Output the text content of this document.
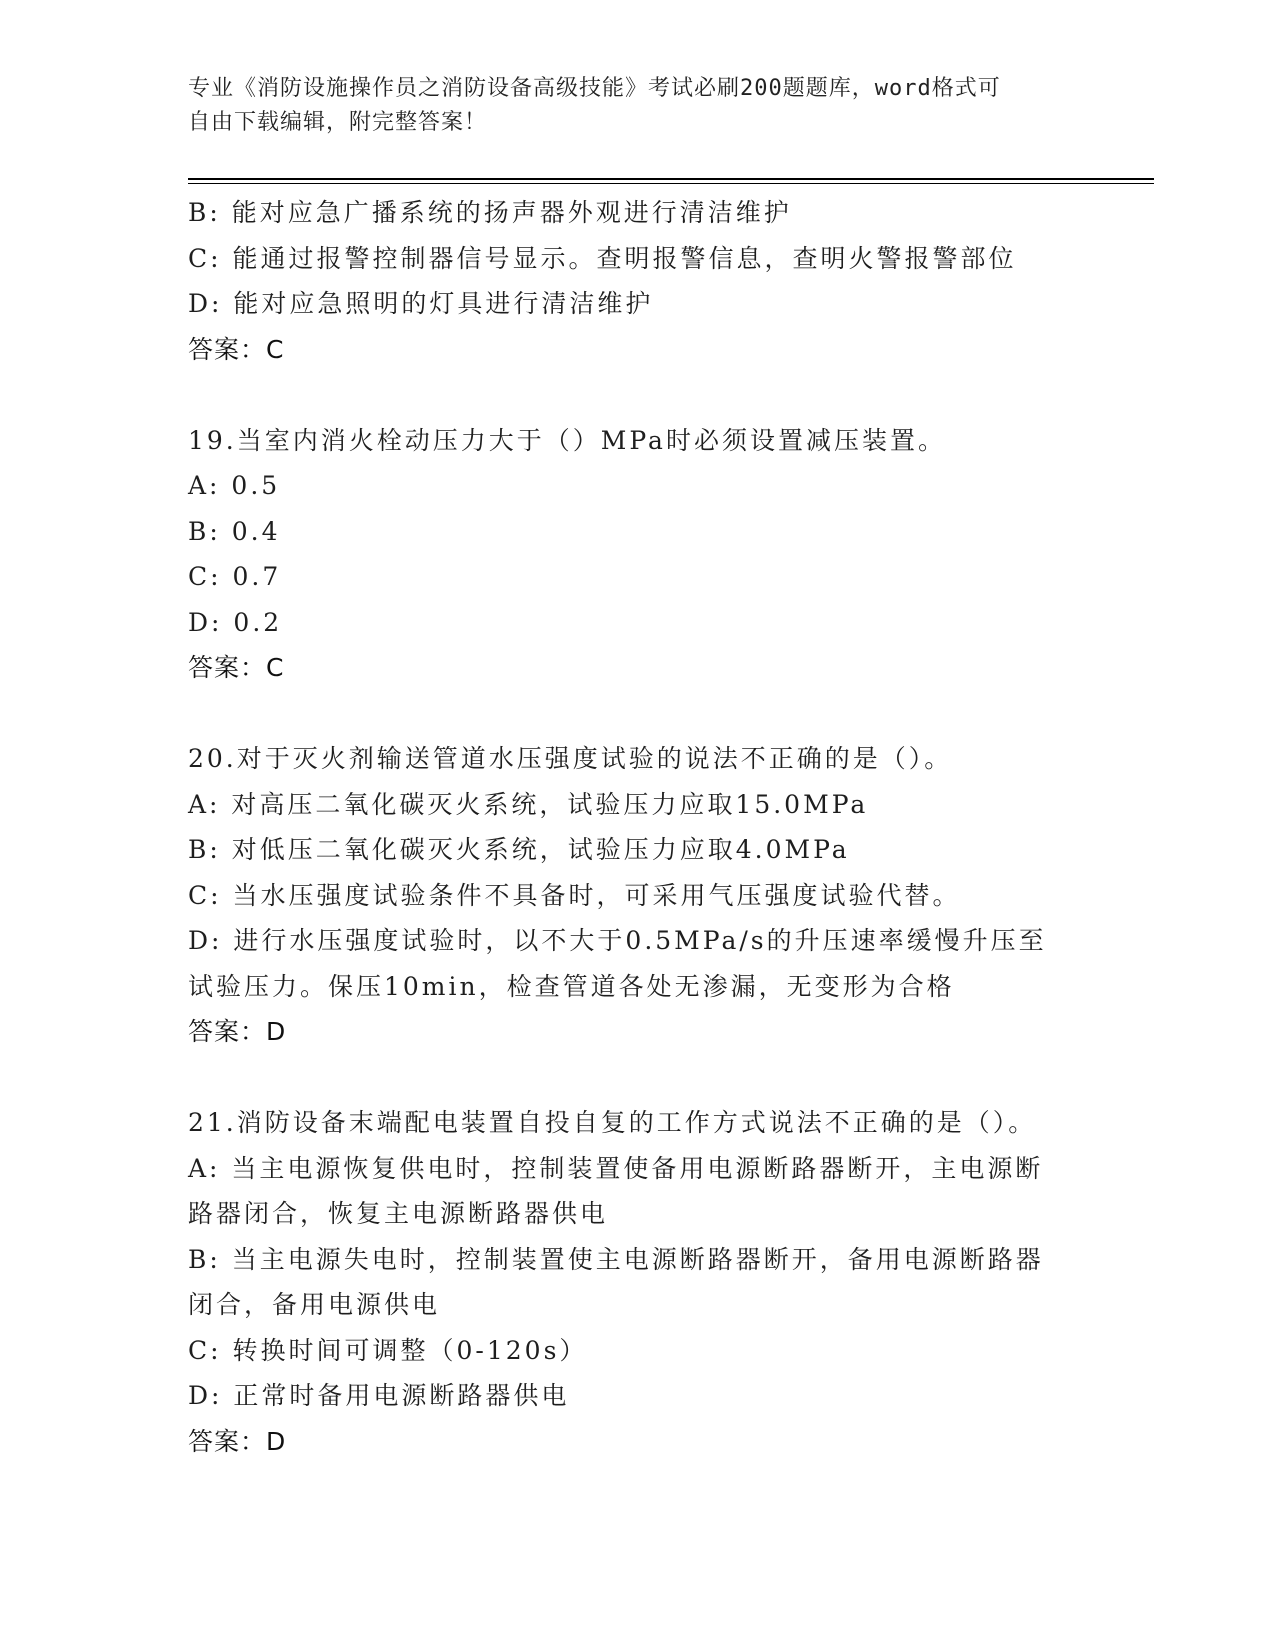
专业《消防设施操作员之消防设备高级技能》考试必刷200题题库，word格式可
自由下载编辑，附完整答案！
B: 能对应急广播系统的扬声器外观进行清洁维护
C: 能通过报警控制器信号显示。查明报警信息，查明火警报警部位
D: 能对应急照明的灯具进行清洁维护
答案：C
19.当室内消火栓动压力大于（）MPa时必须设置减压装置。
A: 0.5
B: 0.4
C: 0.7
D: 0.2
答案：C
20.对于灭火剂输送管道水压强度试验的说法不正确的是（）。
A: 对高压二氧化碳灭火系统，试验压力应取15.0MPa
B: 对低压二氧化碳灭火系统，试验压力应取4.0MPa
C: 当水压强度试验条件不具备时，可采用气压强度试验代替。
D: 进行水压强度试验时，以不大于0.5MPa/s的升压速率缓慢升压至
试验压力。保压10min，检查管道各处无渗漏，无变形为合格
答案：D
21.消防设备末端配电装置自投自复的工作方式说法不正确的是（）。
A: 当主电源恢复供电时，控制装置使备用电源断路器断开，主电源断
路器闭合，恢复主电源断路器供电
B: 当主电源失电时，控制装置使主电源断路器断开，备用电源断路器
闭合，备用电源供电
C: 转换时间可调整（0-120s）
D: 正常时备用电源断路器供电
答案：D
